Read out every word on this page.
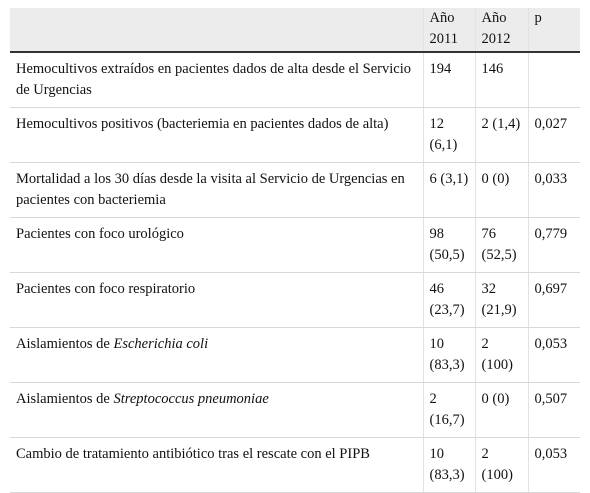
	Año 2011	Año 2012	p
Hemocultivos extraídos en pacientes dados de alta desde el Servicio de Urgencias	194	146	
Hemocultivos positivos (bacteriemia en pacientes dados de alta)	12 (6,1)	2 (1,4)	0,027
Mortalidad a los 30 días desde la visita al Servicio de Urgencias en pacientes con bacteriemia	6 (3,1)	0 (0)	0,033
Pacientes con foco urológico	98 (50,5)	76 (52,5)	0,779
Pacientes con foco respiratorio	46 (23,7)	32 (21,9)	0,697
Aislamientos de Escherichia coli	10 (83,3)	2 (100)	0,053
Aislamientos de Streptococcus pneumoniae	2 (16,7)	0 (0)	0,507
Cambio de tratamiento antibiótico tras el rescate con el PIPB	10 (83,3)	2 (100)	0,053
